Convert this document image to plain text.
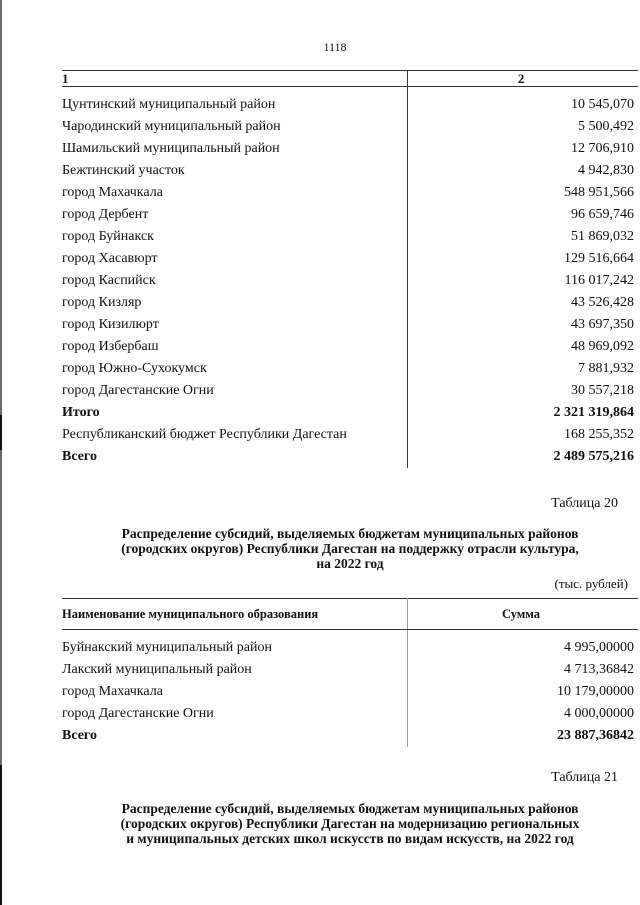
1118
1	2
Цунтинский муниципальный район	10 545,070
Чародинский муниципальный район	5 500,492
Шамильский муниципальный район	12 706,910
Бежтинский участок	4 942,830
город Махачкала	548 951,566
город Дербент	96 659,746
город Буйнакск	51 869,032
город Хасавюрт	129 516,664
город Каспийск	116 017,242
город Кизляр	43 526,428
город Кизилюрт	43 697,350
город Избербаш	48 969,092
город Южно-Сухокумск	7 881,932
город Дагестанские Огни	30 557,218
Итого	2 321 319,864
Республиканский бюджет Республики Дагестан	168 255,352
Всего	2 489 575,216
Таблица 20
Распределение субсидий, выделяемых бюджетам муниципальных районов
(городских округов) Республики Дагестан на поддержку отрасли культура,
на 2022 год
(тыс. рублей)
Наименование муниципального образования	Сумма
Буйнакский муниципальный район	4 995,00000
Лакский муниципальный район	4 713,36842
город Махачкала	10 179,00000
город Дагестанские Огни	4 000,00000
Всего	23 887,36842
Таблица 21
Распределение субсидий, выделяемых бюджетам муниципальных районов
(городских округов) Республики Дагестан на модернизацию региональных
и муниципальных детских школ искусств по видам искусств, на 2022 год
